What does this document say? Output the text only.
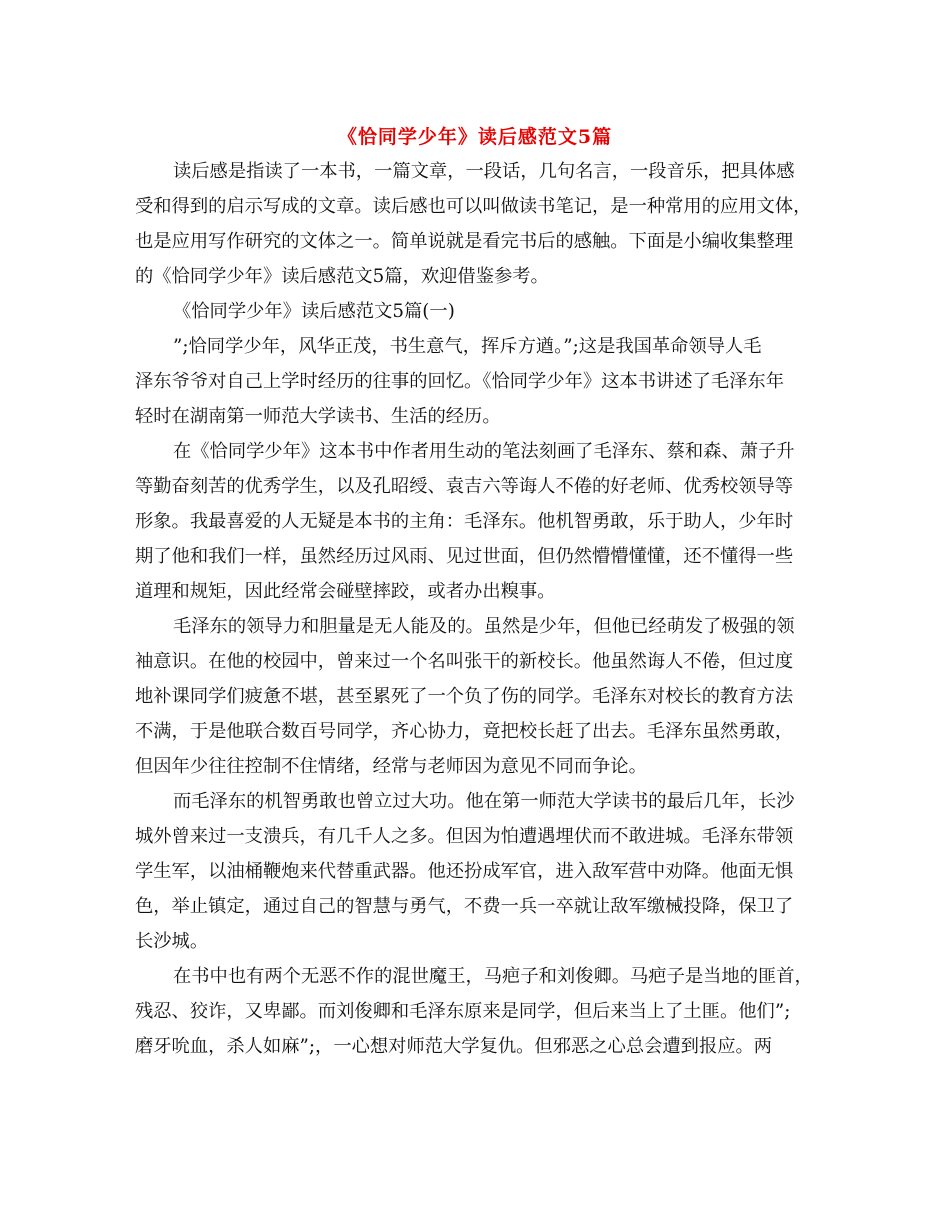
《恰同学少年》读后感范文5篇
读后感是指读了一本书，一篇文章，一段话，几句名言，一段音乐，把具体感
受和得到的启示写成的文章。读后感也可以叫做读书笔记，是一种常用的应用文体，
也是应用写作研究的文体之一。简单说就是看完书后的感触。下面是小编收集整理
的《恰同学少年》读后感范文5篇，欢迎借鉴参考。
《恰同学少年》读后感范文5篇(一)
”;恰同学少年，风华正茂，书生意气，挥斥方遒。”;这是我国革命领导人毛
泽东爷爷对自己上学时经历的往事的回忆。《恰同学少年》这本书讲述了毛泽东年
轻时在湖南第一师范大学读书、生活的经历。
在《恰同学少年》这本书中作者用生动的笔法刻画了毛泽东、蔡和森、萧子升
等勤奋刻苦的优秀学生，以及孔昭绶、袁吉六等诲人不倦的好老师、优秀校领导等
形象。我最喜爱的人无疑是本书的主角：毛泽东。他机智勇敢，乐于助人，少年时
期了他和我们一样，虽然经历过风雨、见过世面，但仍然懵懵懂懂，还不懂得一些
道理和规矩，因此经常会碰壁摔跤，或者办出糗事。
毛泽东的领导力和胆量是无人能及的。虽然是少年，但他已经萌发了极强的领
袖意识。在他的校园中，曾来过一个名叫张干的新校长。他虽然诲人不倦，但过度
地补课同学们疲惫不堪，甚至累死了一个负了伤的同学。毛泽东对校长的教育方法
不满，于是他联合数百号同学，齐心协力，竟把校长赶了出去。毛泽东虽然勇敢，
但因年少往往控制不住情绪，经常与老师因为意见不同而争论。
而毛泽东的机智勇敢也曾立过大功。他在第一师范大学读书的最后几年，长沙
城外曾来过一支溃兵，有几千人之多。但因为怕遭遇埋伏而不敢进城。毛泽东带领
学生军，以油桶鞭炮来代替重武器。他还扮成军官，进入敌军营中劝降。他面无惧
色，举止镇定，通过自己的智慧与勇气，不费一兵一卒就让敌军缴械投降，保卫了
长沙城。
在书中也有两个无恶不作的混世魔王，马疤子和刘俊卿。马疤子是当地的匪首，
残忍、狡诈，又卑鄙。而刘俊卿和毛泽东原来是同学，但后来当上了土匪。他们”;
磨牙吮血，杀人如麻”;，一心想对师范大学复仇。但邪恶之心总会遭到报应。两
